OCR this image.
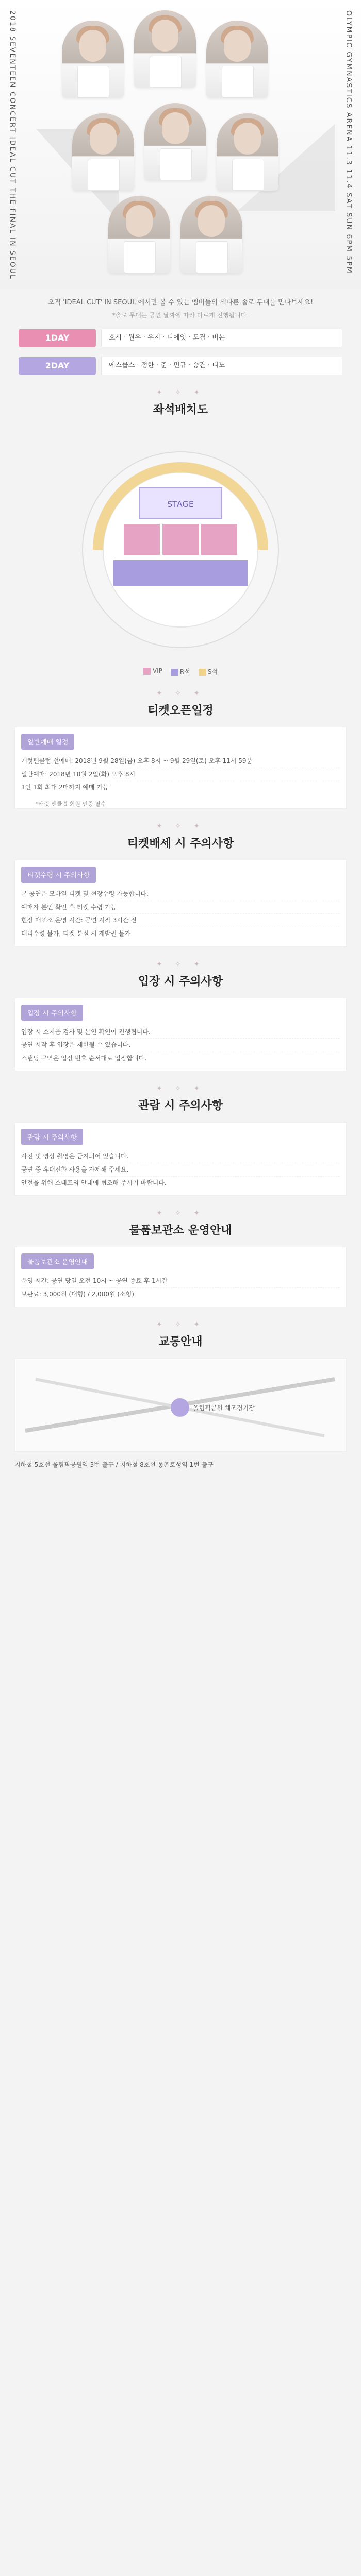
2018 SEVENTEEN CONCERT IDEAL CUT THE FINAL IN SEOUL	OLYMPIC GYMNASTICS ARENA 11.3 11.4 SAT SUN 6PM 5PM
오직 'IDEAL CUT' IN SEOUL 에서만 볼 수 있는 멤버들의 색다른 솔로 무대를 만나보세요!
*솔로 무대는 공연 날짜에 따라 다르게 진행됩니다.
1DAY	호시 · 원우 · 우지 · 디에잇 · 도겸 · 버논
2DAY	에스쿱스 · 정한 · 준 · 민규 · 승관 · 디노
✦ ✧ ✦
좌석배치도
STAGE
VIP	R석	S석
✦ ✧ ✦
티켓오픈일정
일반예매 일정
캐럿팬클럽 선예매: 2018년 9월 28일(금) 오후 8시 ~ 9월 29일(토) 오후 11시 59분
일반예매: 2018년 10월 2일(화) 오후 8시
1인 1회 최대 2매까지 예매 가능
*캐럿 팬클럽 회원 인증 필수
✦ ✧ ✦
티켓배세 시 주의사항
티켓수령 시 주의사항
본 공연은 모바일 티켓 및 현장수령 가능합니다.
예매자 본인 확인 후 티켓 수령 가능
현장 매표소 운영 시간: 공연 시작 3시간 전
대리수령 불가, 티켓 분실 시 재발권 불가
✦ ✧ ✦
입장 시 주의사항
입장 시 주의사항
입장 시 소지품 검사 및 본인 확인이 진행됩니다.
공연 시작 후 입장은 제한될 수 있습니다.
스탠딩 구역은 입장 번호 순서대로 입장합니다.
✦ ✧ ✦
관람 시 주의사항
관람 시 주의사항
사진 및 영상 촬영은 금지되어 있습니다.
공연 중 휴대전화 사용을 자제해 주세요.
안전을 위해 스태프의 안내에 협조해 주시기 바랍니다.
✦ ✧ ✦
물품보관소 운영안내
물품보관소 운영안내
운영 시간: 공연 당일 오전 10시 ~ 공연 종료 후 1시간
보관료: 3,000원 (대형) / 2,000원 (소형)
✦ ✧ ✦
교통안내
올림픽공원 체조경기장
지하철 5호선 올림픽공원역 3번 출구 / 지하철 8호선 몽촌토성역 1번 출구
